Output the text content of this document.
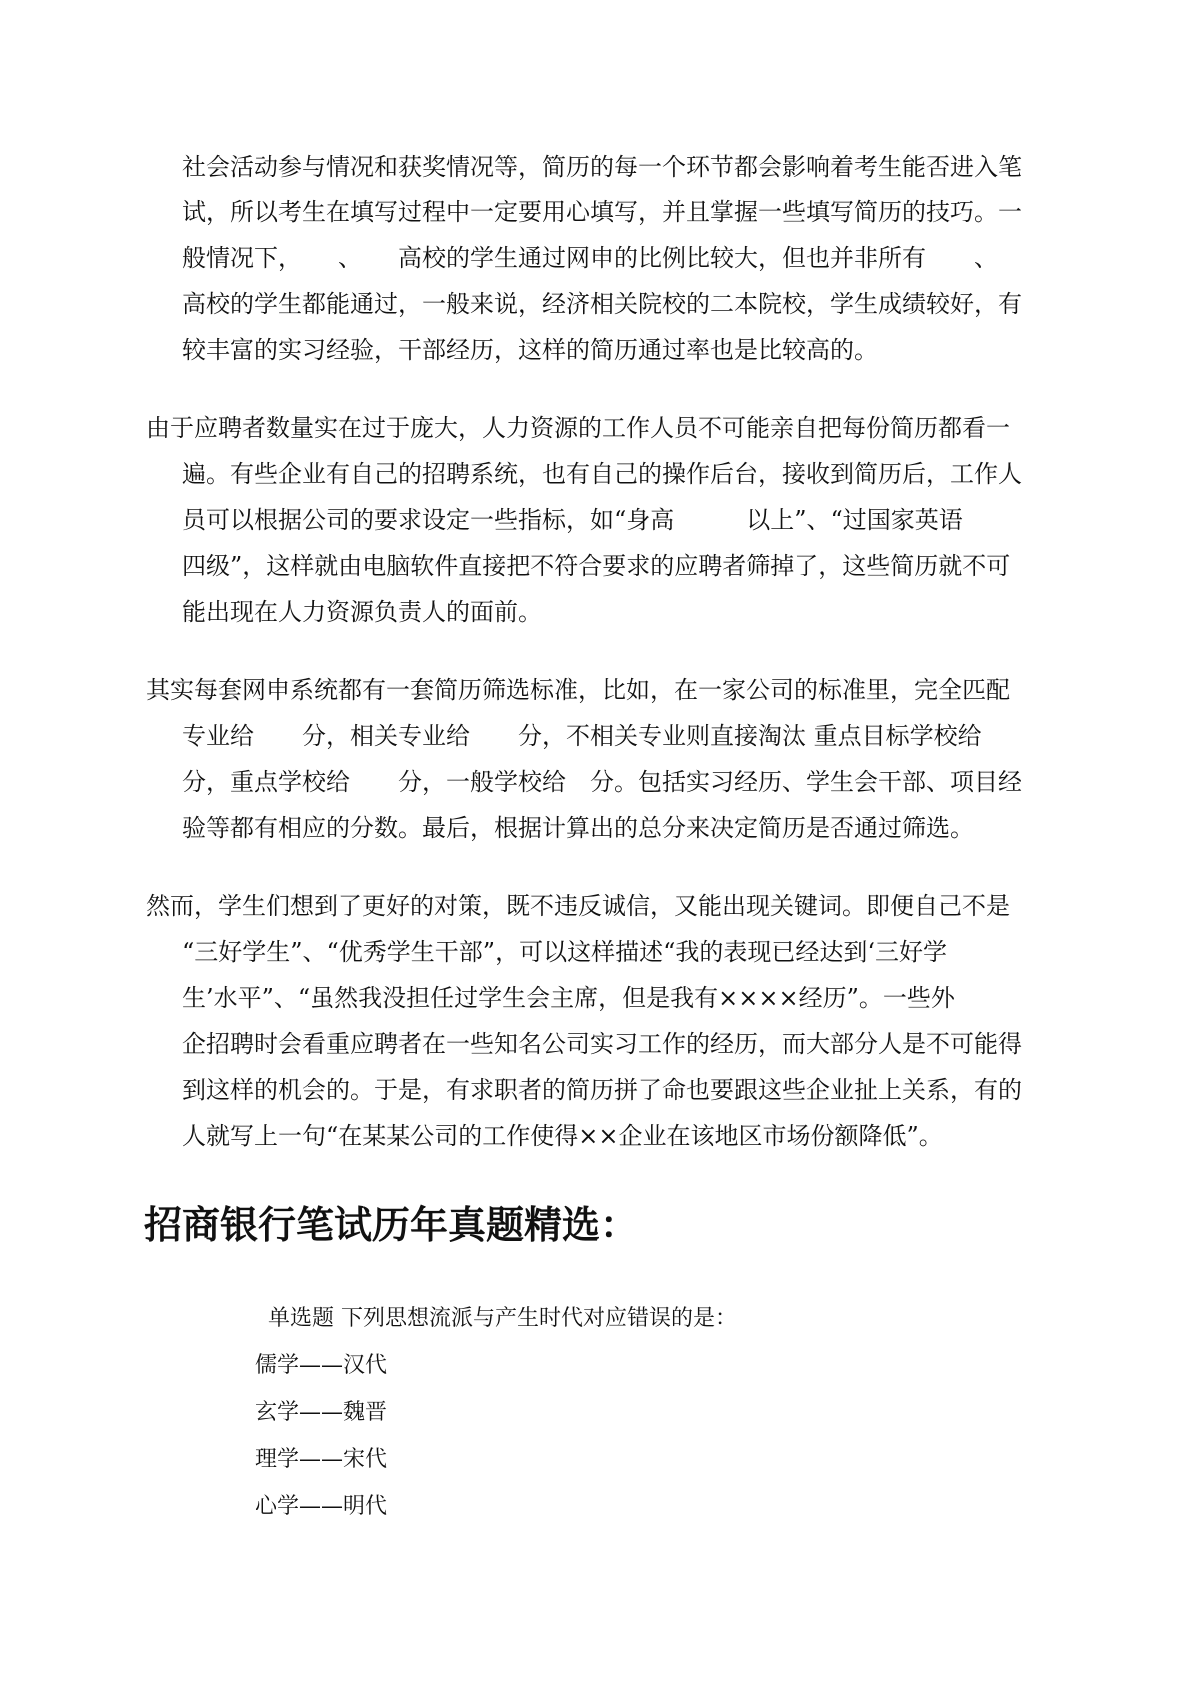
社会活动参与情况和获奖情况等，简历的每一个环节都会影响着考生能否进入笔

试，所以考生在填写过程中一定要用心填写，并且掌握一些填写简历的技巧。一

般情况下，　　、　　高校的学生通过网申的比例比较大，但也并非所有　　、

高校的学生都能通过，一般来说，经济相关院校的二本院校，学生成绩较好，有

较丰富的实习经验，干部经历，这样的简历通过率也是比较高的。

由于应聘者数量实在过于庞大，人力资源的工作人员不可能亲自把每份简历都看一

遍。有些企业有自己的招聘系统，也有自己的操作后台，接收到简历后，工作人

员可以根据公司的要求设定一些指标，如“身高　　　以上”、“过国家英语

四级”，这样就由电脑软件直接把不符合要求的应聘者筛掉了，这些简历就不可

能出现在人力资源负责人的面前。

其实每套网申系统都有一套简历筛选标准，比如，在一家公司的标准里，完全匹配

专业给　　分，相关专业给　　分，不相关专业则直接淘汰 重点目标学校给

分，重点学校给　　分，一般学校给　分。包括实习经历、学生会干部、项目经

验等都有相应的分数。最后，根据计算出的总分来决定简历是否通过筛选。

然而，学生们想到了更好的对策，既不违反诚信，又能出现关键词。即便自己不是

“三好学生”、“优秀学生干部”，可以这样描述“我的表现已经达到‘三好学

生’水平”、“虽然我没担任过学生会主席，但是我有××××经历”。一些外

企招聘时会看重应聘者在一些知名公司实习工作的经历，而大部分人是不可能得

到这样的机会的。于是，有求职者的简历拼了命也要跟这些企业扯上关系，有的

人就写上一句“在某某公司的工作使得××企业在该地区市场份额降低”。

招商银行笔试历年真题精选：

单选题 下列思想流派与产生时代对应错误的是：

儒学——汉代

玄学——魏晋

理学——宋代

心学——明代
